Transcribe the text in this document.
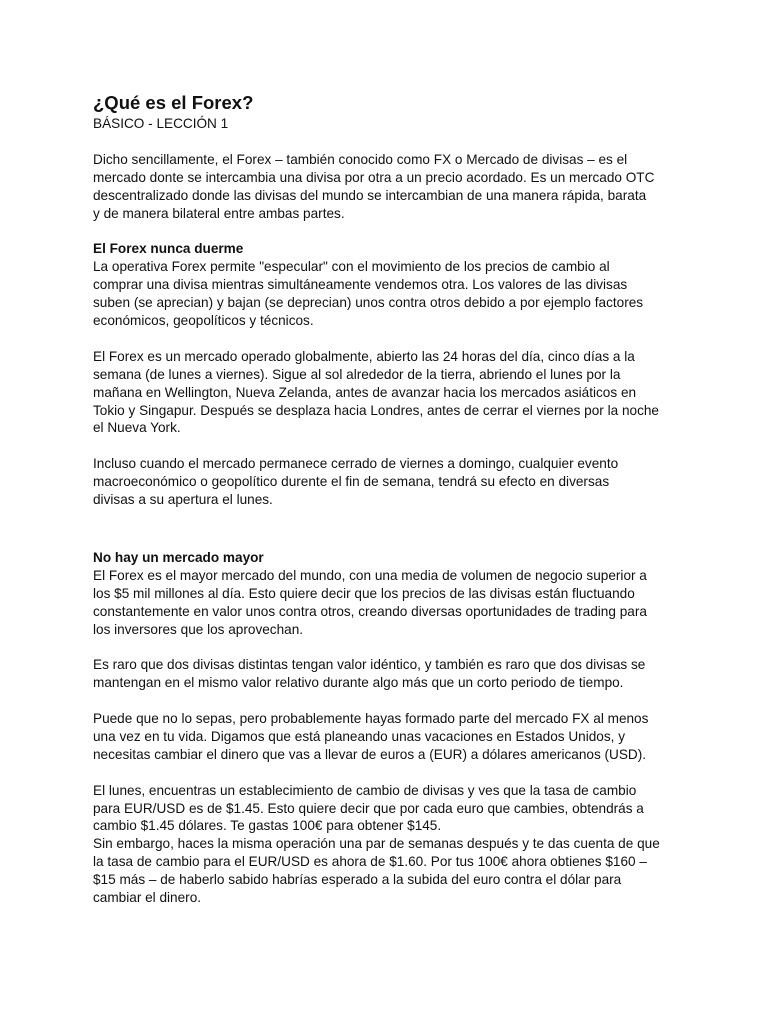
¿Qué es el Forex?
BÁSICO - LECCIÓN 1

Dicho sencillamente, el Forex – también conocido como FX o Mercado de divisas – es el
mercado donte se intercambia una divisa por otra a un precio acordado. Es un mercado OTC
descentralizado donde las divisas del mundo se intercambian de una manera rápida, barata
y de manera bilateral entre ambas partes.

El Forex nunca duerme

La operativa Forex permite "especular" con el movimiento de los precios de cambio al
comprar una divisa mientras simultáneamente vendemos otra. Los valores de las divisas
suben (se aprecian) y bajan (se deprecian) unos contra otros debido a por ejemplo factores
económicos, geopolíticos y técnicos.

El Forex es un mercado operado globalmente, abierto las 24 horas del día, cinco días a la
semana (de lunes a viernes). Sigue al sol alrededor de la tierra, abriendo el lunes por la
mañana en Wellington, Nueva Zelanda, antes de avanzar hacia los mercados asiáticos en
Tokio y Singapur. Después se desplaza hacia Londres, antes de cerrar el viernes por la noche
el Nueva York.

Incluso cuando el mercado permanece cerrado de viernes a domingo, cualquier evento
macroeconómico o geopolítico durente el fin de semana, tendrá su efecto en diversas
divisas a su apertura el lunes.

No hay un mercado mayor

El Forex es el mayor mercado del mundo, con una media de volumen de negocio superior a
los $5 mil millones al día. Esto quiere decir que los precios de las divisas están fluctuando
constantemente en valor unos contra otros, creando diversas oportunidades de trading para
los inversores que los aprovechan.

Es raro que dos divisas distintas tengan valor idéntico, y también es raro que dos divisas se
mantengan en el mismo valor relativo durante algo más que un corto periodo de tiempo.

Puede que no lo sepas, pero probablemente hayas formado parte del mercado FX al menos
una vez en tu vida. Digamos que está planeando unas vacaciones en Estados Unidos, y
necesitas cambiar el dinero que vas a llevar de euros a (EUR) a dólares americanos (USD).

El lunes, encuentras un establecimiento de cambio de divisas y ves que la tasa de cambio
para EUR/USD es de $1.45. Esto quiere decir que por cada euro que cambies, obtendrás a
cambio $1.45 dólares. Te gastas 100€ para obtener $145.
Sin embargo, haces la misma operación una par de semanas después y te das cuenta de que
la tasa de cambio para el EUR/USD es ahora de $1.60. Por tus 100€ ahora obtienes $160 –
$15 más – de haberlo sabido habrías esperado a la subida del euro contra el dólar para
cambiar el dinero.
